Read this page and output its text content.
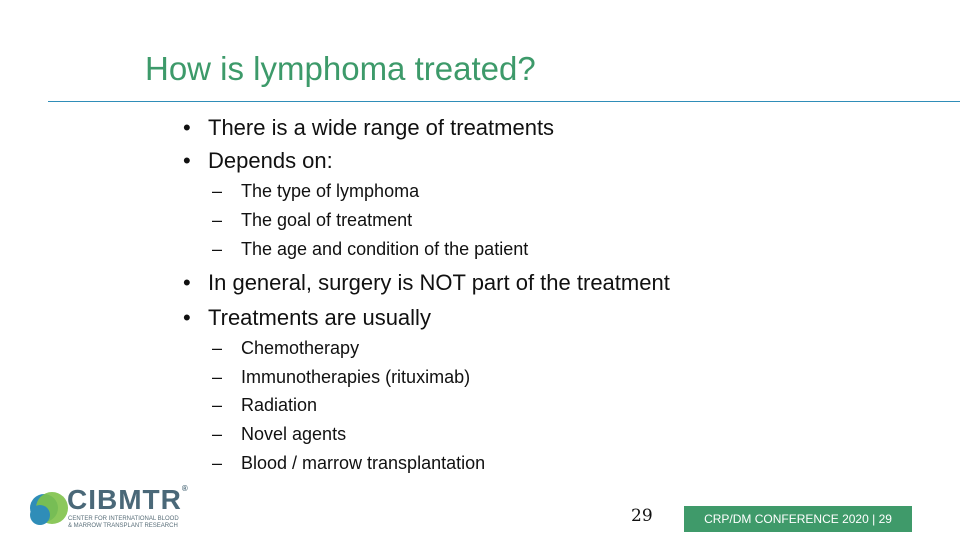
How is lymphoma treated?
• There is a wide range of treatments
• Depends on:
– The type of lymphoma
– The goal of treatment
– The age and condition of the patient
• In general, surgery is NOT part of the treatment
• Treatments are usually
– Chemotherapy
– Immunotherapies (rituximab)
– Radiation
– Novel agents
– Blood / marrow transplantation
CIBMTR®
CENTER FOR INTERNATIONAL BLOOD
& MARROW TRANSPLANT RESEARCH	29	CRP/DM CONFERENCE 2020 | 29
